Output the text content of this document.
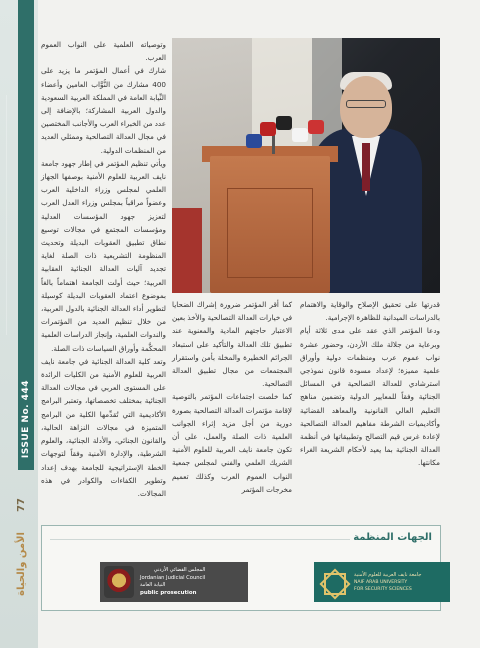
ISSUE No. 444
77
الأمن والحياة

وتوصياته العلمية على النواب العموم العرب.

شارك في أعمال المؤتمر ما يزيد على 400 مشارك من النُّوَّاب العامين وأعضاء النِّيابة العامة في المملكة العربية السعودية والدول العربية المشاركة؛ بالإضافة إلى عدد من الخبراء العرب والأجانب المختصين في مجال العدالة التصالحية وممثلي العديد من المنظمات الدولية.

ويأتي تنظيم المؤتمر في إطار جهود جامعة نايف العربية للعلوم الأمنية بوصفها الجهاز العلمي لمجلس وزراء الداخلية العرب وعضواً مراقباً بمجلس وزراء العدل العرب لتعزيز جهود المؤسسات العدلية ومؤسسات المجتمع في مجالات توسيع نطاق تطبيق العقوبات البديلة وتحديث المنظومة التشريعية ذات الصلة لغاية تجديد آليات العدالة الجنائية العقابية العربية؛ حيث أولت الجامعة اهتماماً بالغاً بموضوع اعتماد العقوبات البديلة كوسيلة لتطوير أداء العدالة الجنائية بالدول العربية، من خلال تنظيم العديد من المؤتمرات والندوات العلمية، وإنجاز الدراسات العلمية المحكَّمة وأوراق السياسات ذات الصلة.

وتعد كلية العدالة الجنائية في جامعة نايف العربية للعلوم الأمنية من الكليات الرائدة على المستوى العربي في مجالات العدالة الجنائية بمختلف تخصصاتها، وتعتبر البرامج الأكاديمية التي تُقدِّمها الكلية من البرامج المتميزة في مجالات النزاهة الحالية، والقانون الجنائي، والأدلة الجنائية، والعلوم الشرطية، والإدارة الأمنية وفقاً لتوجهات الخطة الإستراتيجية للجامعة بهدف إعداد وتطوير الكفاءات والكوادر في هذه المجالات.

كما أقر المؤتمر ضرورة إشراك الضحايا في خيارات العدالة التصالحية والأخذ بعين الاعتبار حاجتهم المادية والمعنوية عند تطبيق تلك العدالة والتأكيد على استبعاد الجرائم الخطيرة والمخلة بأمن واستقرار المجتمعات من مجال تطبيق العدالة التصالحية.

كما خلصت اجتماعات المؤتمر بالتوصية لإقامة مؤتمرات العدالة التصالحية بصورة دورية من أجل مزيد إثراء الجوانب العلمية ذات الصلة والعمل، على أن تكون جامعة نايف العربية للعلوم الأمنية الشريك العلمي والفني لمجلس جمعية النواب العموم العرب وكذلك تعميم مخرجات المؤتمر

قدرتها على تحقيق الإصلاح والوقاية والاهتمام بالدراسات الميدانية للظاهرة الإجرامية.

ودعا المؤتمر الذي عقد على مدى ثلاثة أيام وبرعاية من جلالة ملك الأردن، وحضور عشرة نواب عموم عرب ومنظمات دولية وأوراق علمية مميزة؛ لإعداد مسودة قانون نموذجي استرشادي للعدالة التصالحية في المسائل الجنائية وفقاً للمعايير الدولية وتضمين مناهج التعليم العالي القانونية والمعاهد القضائية وأكاديميات الشرطة مفاهيم العدالة التصالحية لإعادة غرس قيم التصالح وتطبيقاتها في أنظمة العدالة الجنائية بما يعيد لأحكام الشريعة الغراء مكانتها.

الجهات المنظمة
المجلس القضائي الأردني
Jordanian Judicial Council
النيابة العامة
public prosecution
جامعة نايف العربية للعلوم الأمنية
NAIF ARAB UNIVERSITY
FOR SECURITY SCIENCES
